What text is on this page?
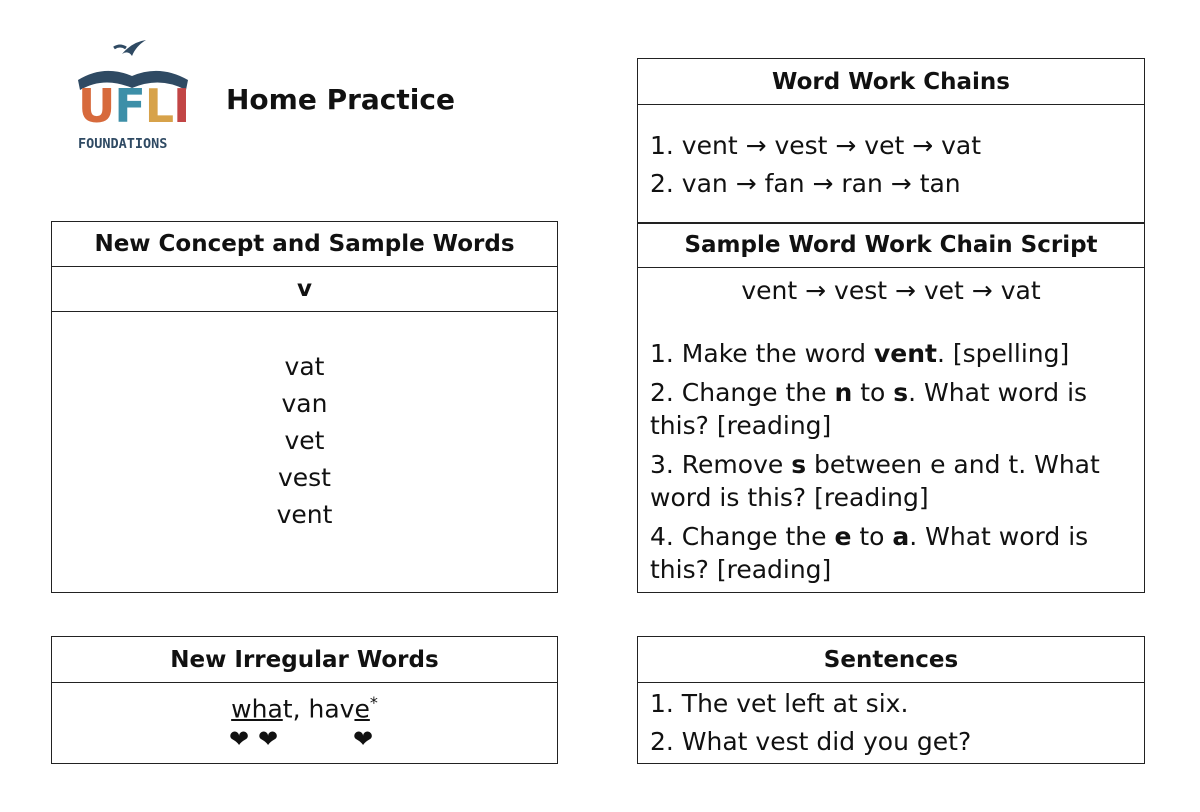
UFLI
FOUNDATIONS
Home Practice
New Concept and Sample Words
v
vat
van
vet
vest
vent
New Irregular Words
what, have*
❤ ❤	❤
Word Work Chains
1. vent → vest → vet → vat
2. van → fan → ran → tan
Sample Word Work Chain Script
vent → vest → vet → vat
1. Make the word vent. [spelling]
2. Change the n to s. What word is this? [reading]
3. Remove s between e and t. What word is this? [reading]
4. Change the e to a. What word is this? [reading]
Sentences
1. The vet left at six.
2. What vest did you get?
